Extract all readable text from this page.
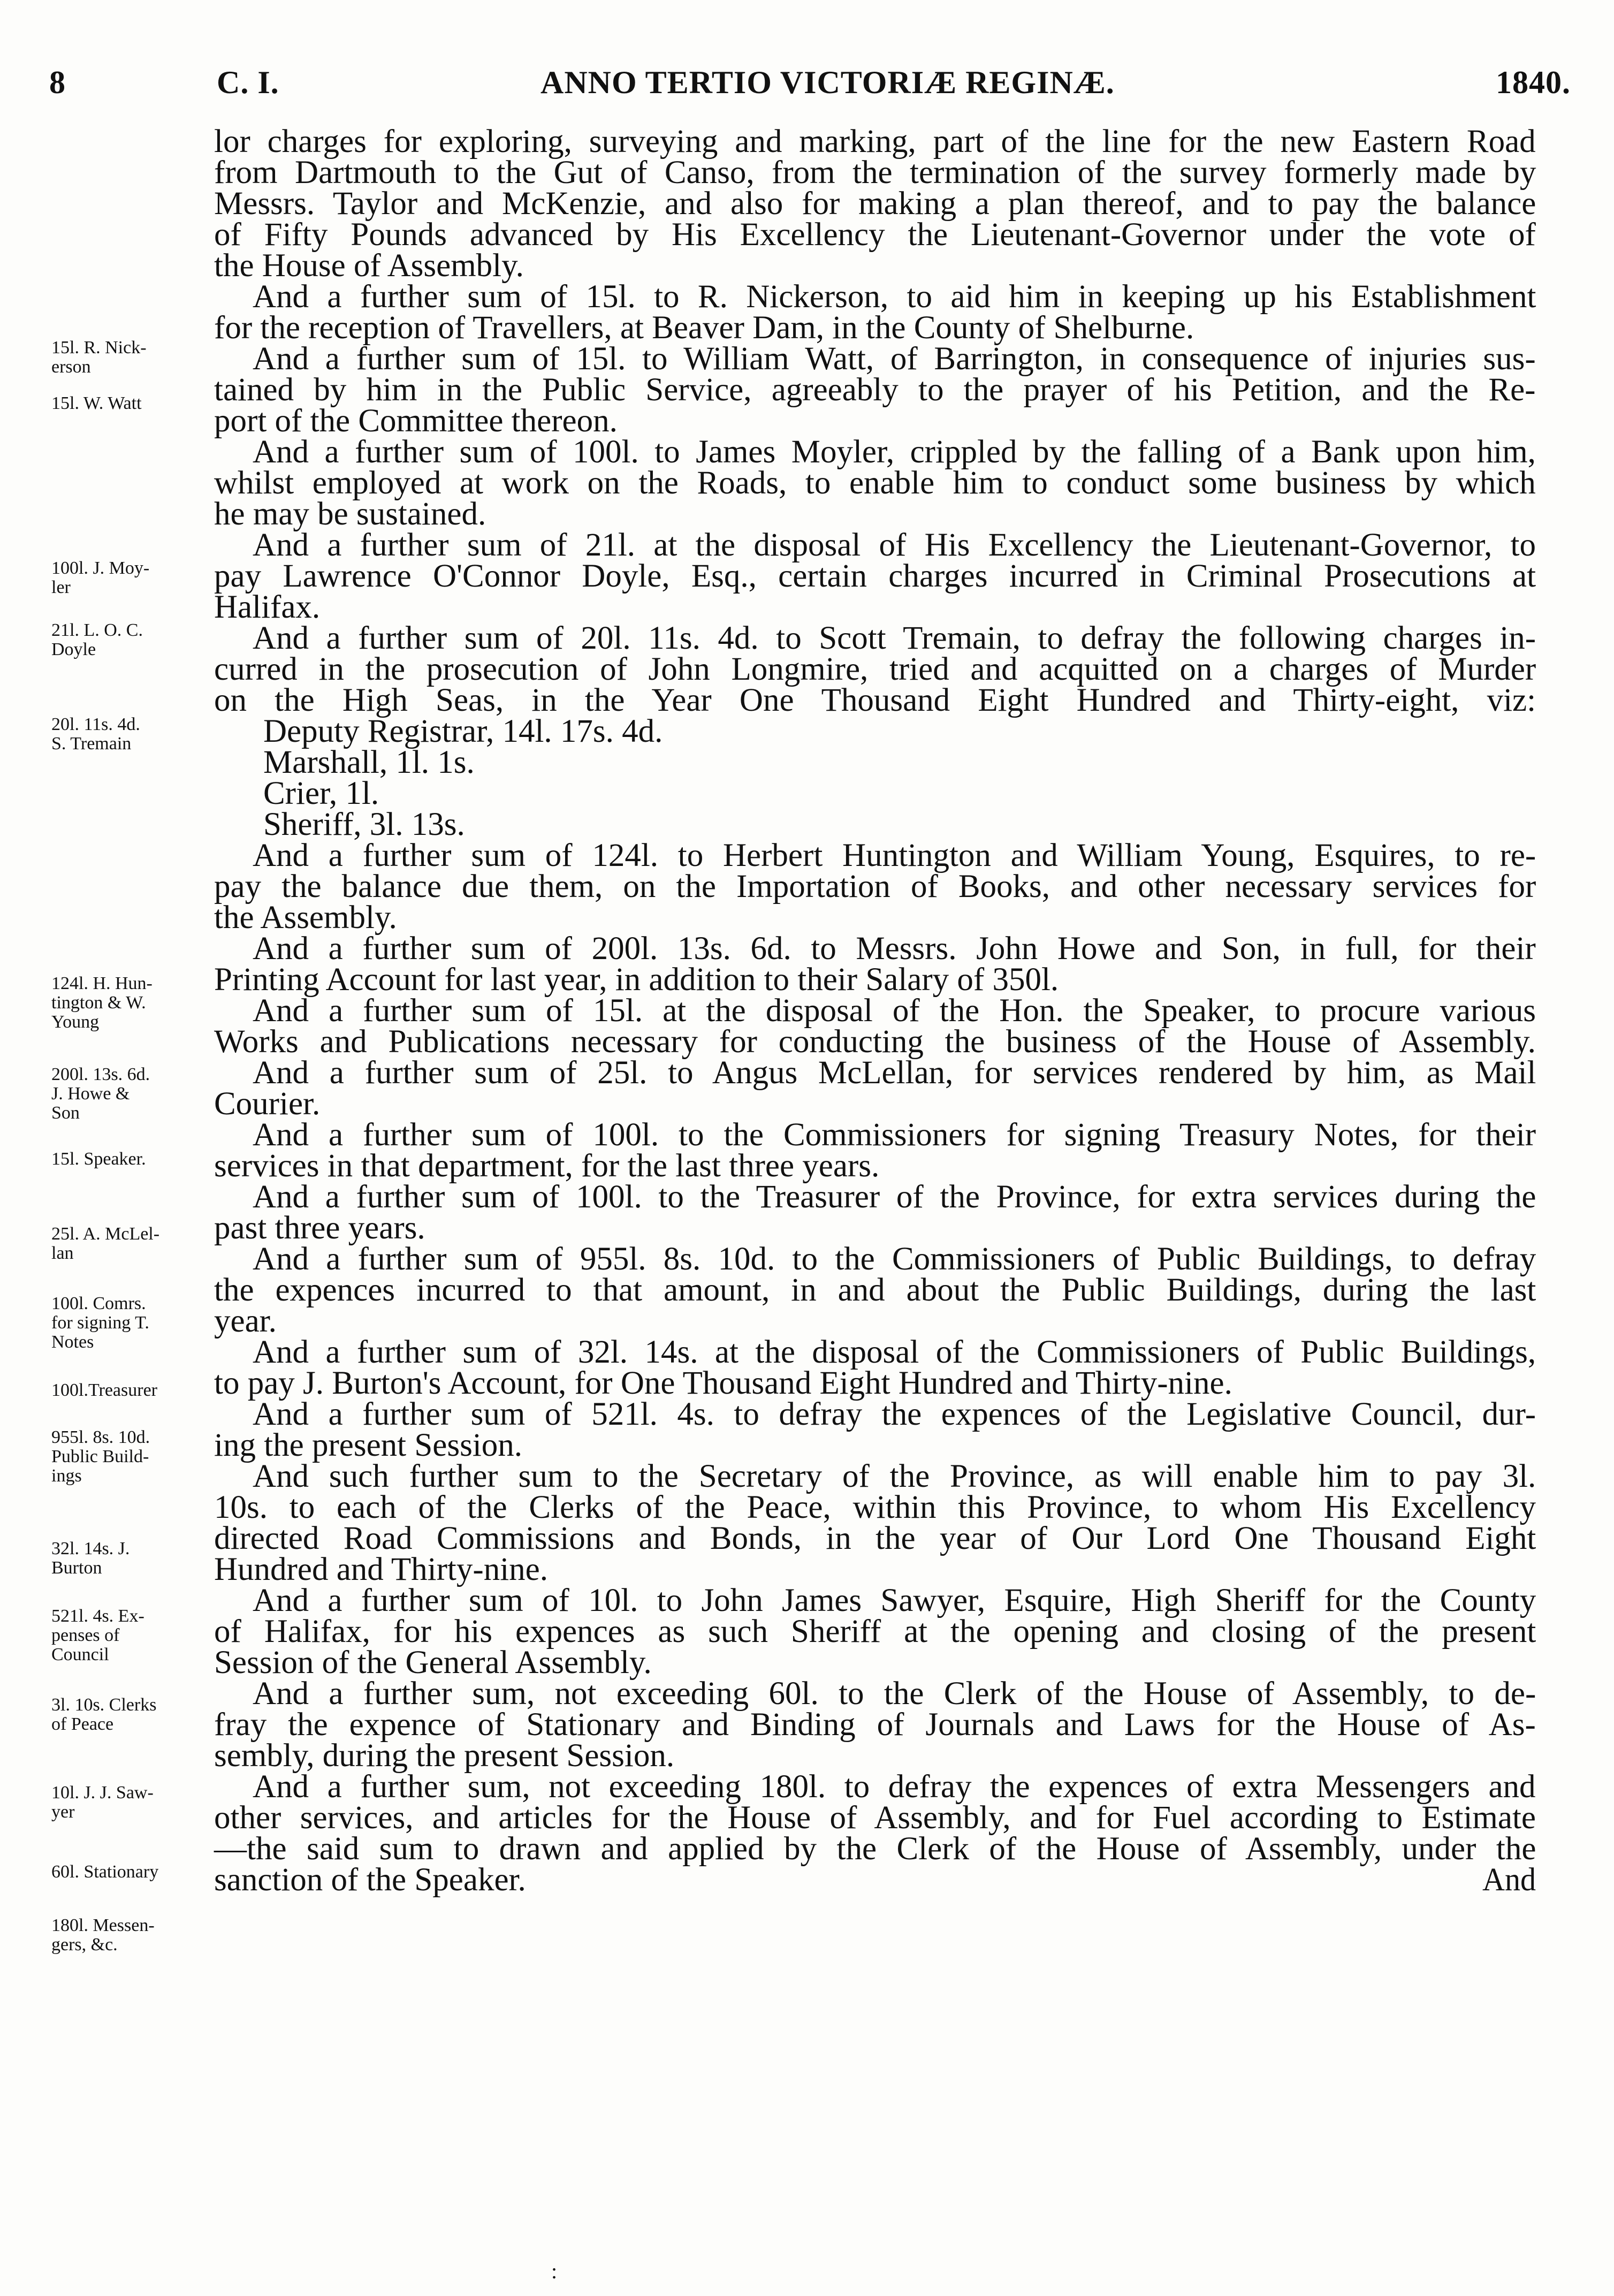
8	C. I.	ANNO TERTIO VICTORIÆ REGINÆ.	1840.
lor charges for exploring, surveying and marking, part of the line for the new Eastern Road
from Dartmouth to the Gut of Canso, from the termination of the survey formerly made by
Messrs. Taylor and McKenzie, and also for making a plan thereof, and to pay the balance
of Fifty Pounds advanced by His Excellency the Lieutenant-Governor under the vote of
the House of Assembly.
And a further sum of 15l. to R. Nickerson, to aid him in keeping up his Establishment
for the reception of Travellers, at Beaver Dam, in the County of Shelburne.
And a further sum of 15l. to William Watt, of Barrington, in consequence of injuries sus-
tained by him in the Public Service, agreeably to the prayer of his Petition, and the Re-
port of the Committee thereon.
And a further sum of 100l. to James Moyler, crippled by the falling of a Bank upon him,
whilst employed at work on the Roads, to enable him to conduct some business by which
he may be sustained.
And a further sum of 21l. at the disposal of His Excellency the Lieutenant-Governor, to
pay Lawrence O'Connor Doyle, Esq., certain charges incurred in Criminal Prosecutions at
Halifax.
And a further sum of 20l. 11s. 4d. to Scott Tremain, to defray the following charges in-
curred in the prosecution of John Longmire, tried and acquitted on a charges of Murder
on the High Seas, in the Year One Thousand Eight Hundred and Thirty-eight, viz:
Deputy Registrar, 14l. 17s. 4d.
Marshall, 1l. 1s.
Crier, 1l.
Sheriff, 3l. 13s.
And a further sum of 124l. to Herbert Huntington and William Young, Esquires, to re-
pay the balance due them, on the Importation of Books, and other necessary services for
the Assembly.
And a further sum of 200l. 13s. 6d. to Messrs. John Howe and Son, in full, for their
Printing Account for last year, in addition to their Salary of 350l.
And a further sum of 15l. at the disposal of the Hon. the Speaker, to procure various
Works and Publications necessary for conducting the business of the House of Assembly.
And a further sum of 25l. to Angus McLellan, for services rendered by him, as Mail
Courier.
And a further sum of 100l. to the Commissioners for signing Treasury Notes, for their
services in that department, for the last three years.
And a further sum of 100l. to the Treasurer of the Province, for extra services during the
past three years.
And a further sum of 955l. 8s. 10d. to the Commissioners of Public Buildings, to defray
the expences incurred to that amount, in and about the Public Buildings, during the last
year.
And a further sum of 32l. 14s. at the disposal of the Commissioners of Public Buildings,
to pay J. Burton's Account, for One Thousand Eight Hundred and Thirty-nine.
And a further sum of 521l. 4s. to defray the expences of the Legislative Council, dur-
ing the present Session.
And such further sum to the Secretary of the Province, as will enable him to pay 3l.
10s. to each of the Clerks of the Peace, within this Province, to whom His Excellency
directed Road Commissions and Bonds, in the year of Our Lord One Thousand Eight
Hundred and Thirty-nine.
And a further sum of 10l. to John James Sawyer, Esquire, High Sheriff for the County
of Halifax, for his expences as such Sheriff at the opening and closing of the present
Session of the General Assembly.
And a further sum, not exceeding 60l. to the Clerk of the House of Assembly, to de-
fray the expence of Stationary and Binding of Journals and Laws for the House of As-
sembly, during the present Session.
And a further sum, not exceeding 180l. to defray the expences of extra Messengers and
other services, and articles for the House of Assembly, and for Fuel according to Estimate
—the said sum to drawn and applied by the Clerk of the House of Assembly, under the
sanction of the Speaker.	And
15l. R. Nick-
erson
15l. W. Watt
100l. J. Moy-
ler
21l. L. O. C.
Doyle
20l. 11s. 4d.
S. Tremain
124l. H. Hun-
tington & W.
Young
200l. 13s. 6d.
J. Howe &
Son
15l. Speaker.
25l. A. McLel-
lan
100l. Comrs.
for signing T.
Notes
100l.Treasurer
955l. 8s. 10d.
Public Build-
ings
32l. 14s. J.
Burton
521l. 4s. Ex-
penses of
Council
3l. 10s. Clerks
of Peace
10l. J. J. Saw-
yer
60l. Stationary
180l. Messen-
gers, &c.
:
